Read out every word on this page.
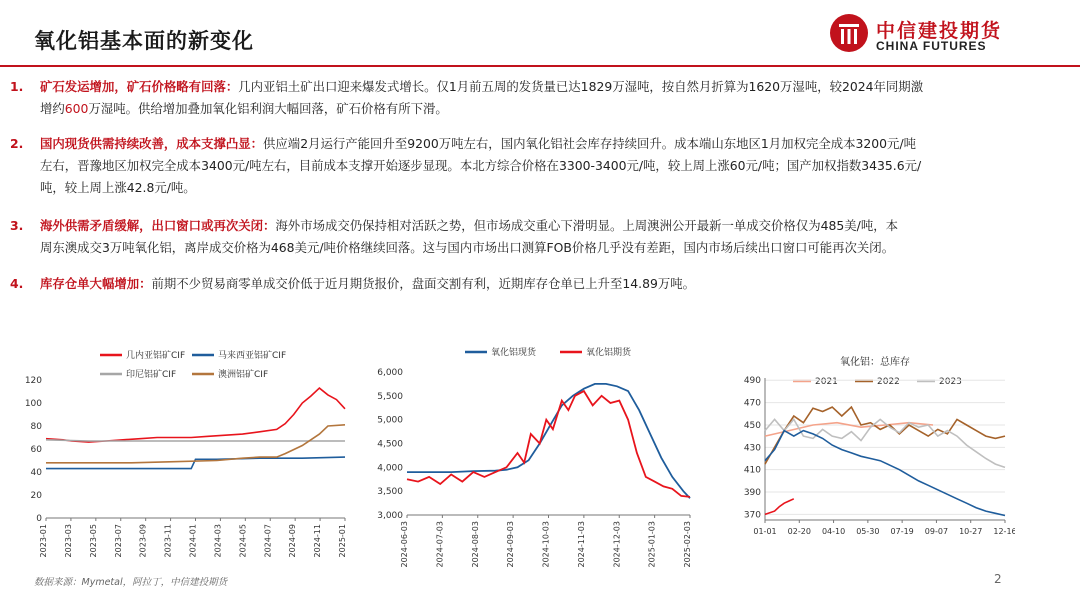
氧化铝基本面的新变化	中信建投期货
CHINA FUTURES
1. 矿石发运增加，矿石价格略有回落：几内亚铝土矿出口迎来爆发式增长。仅1月前五周的发货量已达1829万湿吨，按自然月折算为1620万湿吨，较2024年同期激
增约600万湿吨。供给增加叠加氧化铝利润大幅回落，矿石价格有所下滑。
2. 国内现货供需持续改善，成本支撑凸显：供应端2月运行产能回升至9200万吨左右，国内氧化铝社会库存持续回升。成本端山东地区1月加权完全成本3200元/吨
左右，晋豫地区加权完全成本3400元/吨左右，目前成本支撑开始逐步显现。本北方综合价格在3300-3400元/吨，较上周上涨60元/吨；国产加权指数3435.6元/
吨，较上周上涨42.8元/吨。
3. 海外供需矛盾缓解，出口窗口或再次关闭：海外市场成交仍保持相对活跃之势，但市场成交重心下滑明显。上周澳洲公开最新一单成交价格仅为485美/吨，本
周东澳成交3万吨氧化铝，离岸成交价格为468美元/吨价格继续回落。这与国内市场出口测算FOB价格几乎没有差距，国内市场后续出口窗口可能再次关闭。
4. 库存仓单大幅增加：前期不少贸易商零单成交价低于近月期货报价，盘面交割有利，近期库存仓单已上升至14.89万吨。
几内亚铝矿CIF	马来西亚铝矿CIF
印尼铝矿CIF	澳洲铝矿CIF
0
20
40
60
80
100
120
2023-01 2023-03 2023-05 2023-07 2023-09 2023-11 2024-01 2024-03 2024-05 2024-07 2024-09 2024-11 2025-01
氧化铝现货	氧化铝期货
3,000
3,500
4,000
4,500
5,000
5,500
6,000
2024-06-03	2024-07-03	2024-08-03	2024-09-03	2024-10-03	2024-11-03	2024-12-03	2025-01-03	2025-02-03
氧化铝：总库存
2021	2022	2023
370
390
410
430
450
470
490
01-01 02-20 04-10 05-30 07-19 09-07 10-27 12-16
数据来源：Mymetal，阿拉丁，中信建投期货	2
